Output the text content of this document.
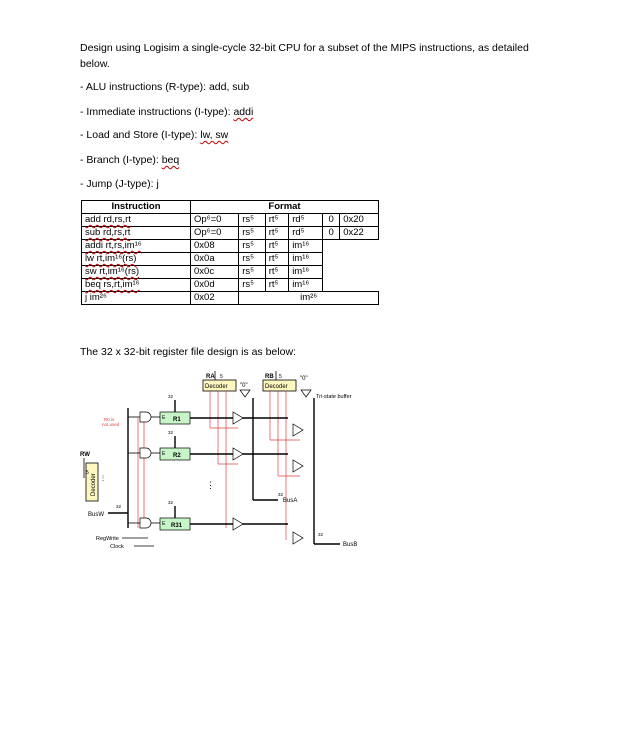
Design using Logisim a single-cycle 32-bit CPU for a subset of the MIPS instructions, as detailed below.
- ALU instructions (R-type): add, sub
- Immediate instructions (I-type): addi
- Load and Store (I-type): lw, sw
- Branch (I-type): beq
- Jump (J-type): j
Instruction	Format					
add rd,rs,rt	Op⁶=0	rs⁵	rt⁵	rd⁵	0	0x20
sub rd,rs,rt	Op⁶=0	rs⁵	rt⁵	rd⁵	0	0x22
addi rt,rs,im¹⁶	0x08	rs⁵	rt⁵	im¹⁶		
lw rt,im¹⁶(rs)	0x0a	rs⁵	rt⁵	im¹⁶		
sw rt,im¹⁶(rs)	0x0c	rs⁵	rt⁵	im¹⁶		
beq rs,rt,im¹⁶	0x0d	rs⁵	rt⁵	im¹⁶		
j im²⁶	0x02	im²⁶				
The 32 x 32-bit register file design is as below:
RA 5
Decoder "0"
RB 5
Decoder
"0"
Tri-state buffer
Decoder
R0 is
not used
RW
5
⋮
BusW
32
RegWrite
Clock
E R1
32
E R2
32
⋮
E R31
32
32
BusA
32
BusB
